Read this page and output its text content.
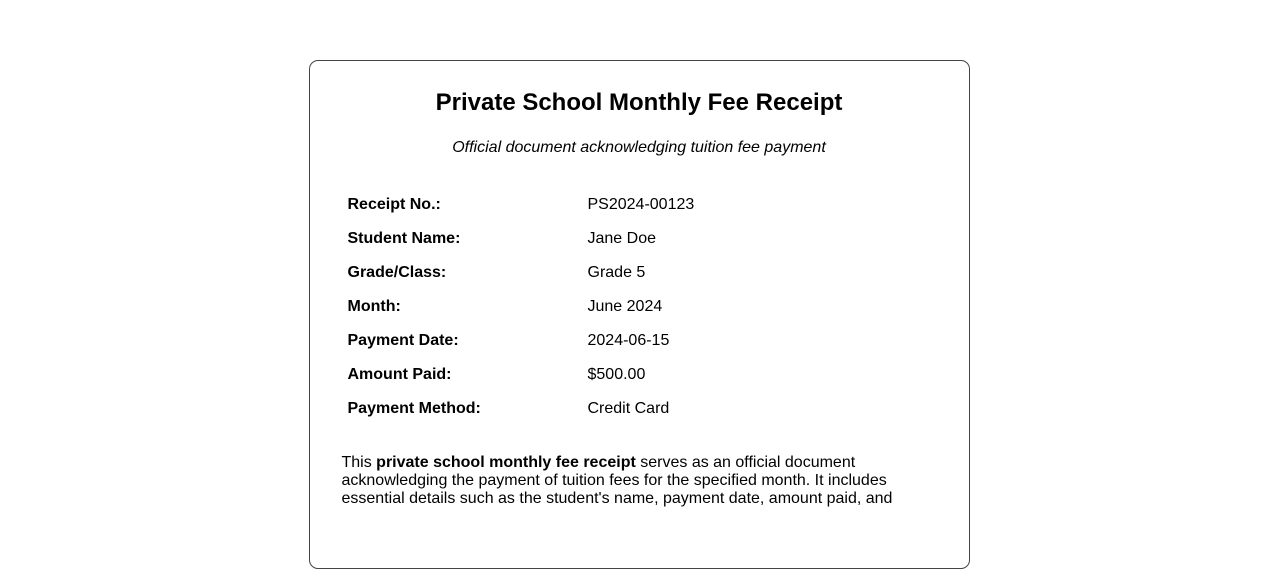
Private School Monthly Fee Receipt

Official document acknowledging tuition fee payment

Receipt No.:	PS2024-00123
Student Name:	Jane Doe
Grade/Class:	Grade 5
Month:	June 2024
Payment Date:	2024-06-15
Amount Paid:	$500.00
Payment Method:	Credit Card

This private school monthly fee receipt serves as an official document acknowledging the payment of tuition fees for the specified month. It includes essential details such as the student's name, payment date, amount paid, and
